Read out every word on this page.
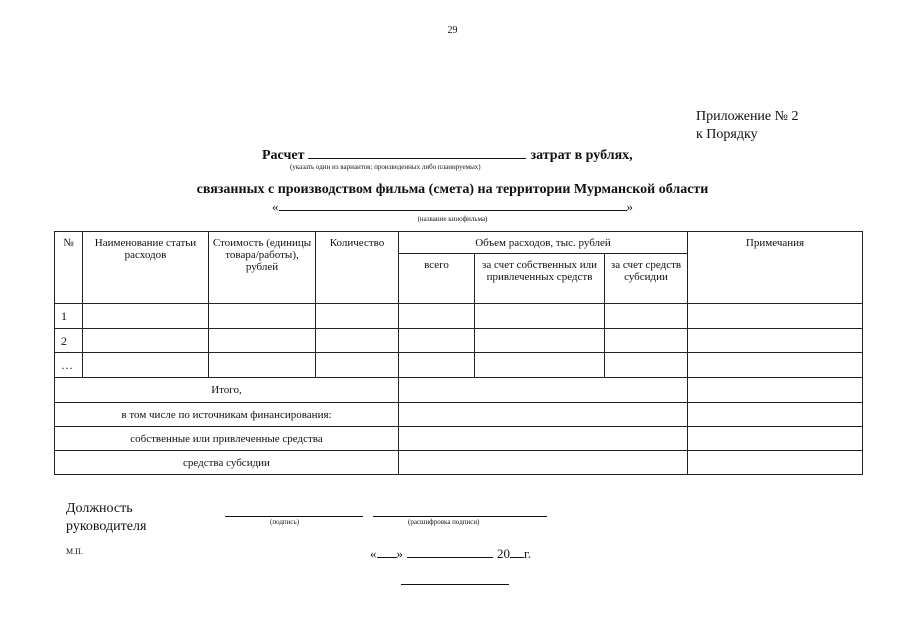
29
Приложение № 2
к Порядку
Расчет	затрат в рублях,
(указать один из вариантов: произведенных либо планируемых)
связанных с производством фильма (смета) на территории Мурманской области
«	»
(название кинофильма)
№	Наименование статьи расходов	Стоимость (единицы товара/работы), рублей	Количество	Объем расходов, тыс. рублей			Примечания
				всего	за счет собственных или привлеченных средств	за счет средств субсидии	
1							
2							
…							
Итого,							
в том числе по источникам финансирования:							
собственные или привлеченные средства							
средства субсидии							
Должность
руководителя	(подпись)	(расшифровка подписи)
М.П.	« »	20 г.
